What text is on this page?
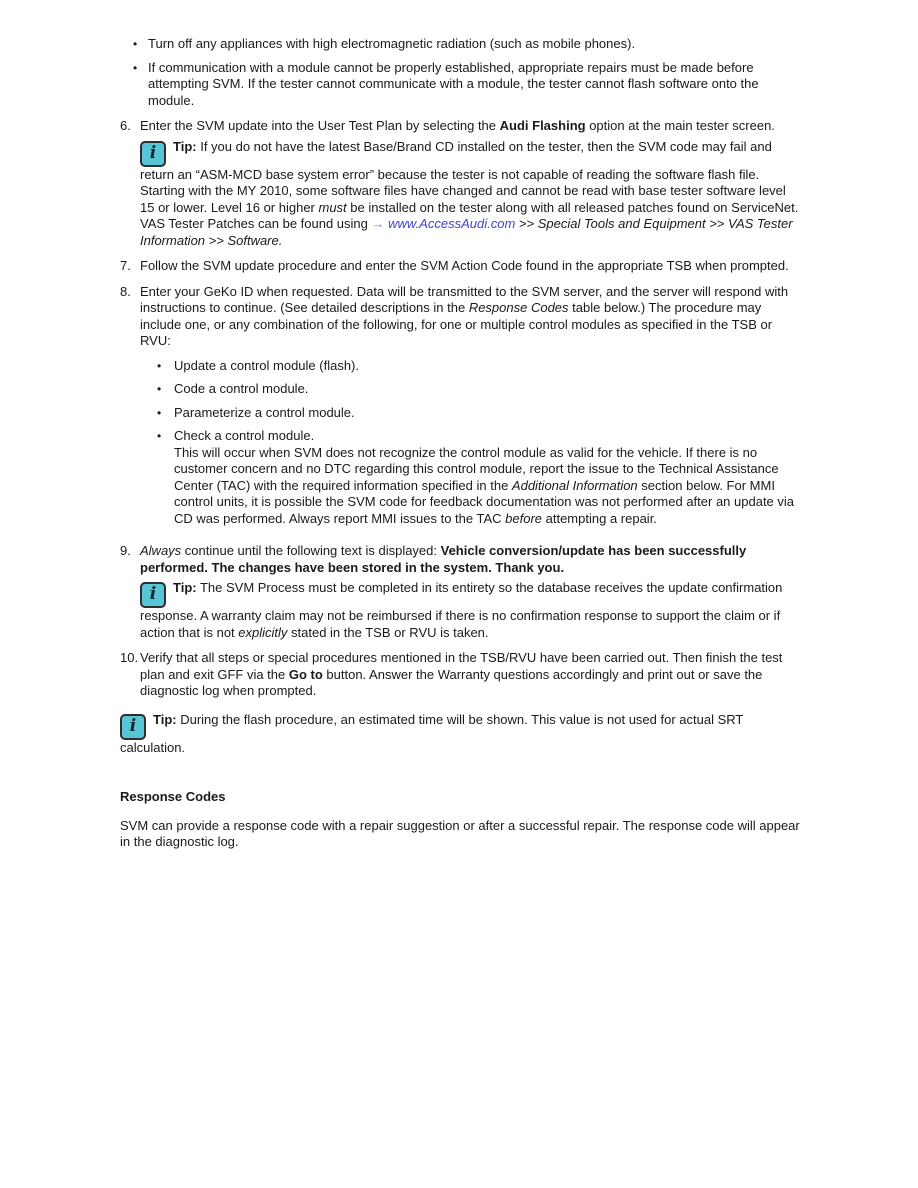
• Turn off any appliances with high electromagnetic radiation (such as mobile phones).
• If communication with a module cannot be properly established, appropriate repairs must be made before attempting SVM. If the tester cannot communicate with a module, the tester cannot flash software onto the module.
6. Enter the SVM update into the User Test Plan by selecting the Audi Flashing option at the main tester screen.
i	Tip: If you do not have the latest Base/Brand CD installed on the tester, then the SVM code may fail and return an “ASM-MCD base system error” because the tester is not capable of reading the software flash file. Starting with the MY 2010, some software files have changed and cannot be read with base tester software level 15 or lower. Level 16 or higher must be installed on the tester along with all released patches found on ServiceNet.
VAS Tester Patches can be found using → www.AccessAudi.com >> Special Tools and Equipment >> VAS Tester Information >> Software.
7. Follow the SVM update procedure and enter the SVM Action Code found in the appropriate TSB when prompted.
8. Enter your GeKo ID when requested. Data will be transmitted to the SVM server, and the server will respond with instructions to continue. (See detailed descriptions in the Response Codes table below.) The procedure may include one, or any combination of the following, for one or multiple control modules as specified in the TSB or RVU:
• Update a control module (flash).
• Code a control module.
• Parameterize a control module.
• Check a control module.
This will occur when SVM does not recognize the control module as valid for the vehicle. If there is no customer concern and no DTC regarding this control module, report the issue to the Technical Assistance Center (TAC) with the required information specified in the Additional Information section below. For MMI control units, it is possible the SVM code for feedback documentation was not performed after an update via CD was performed. Always report MMI issues to the TAC before attempting a repair.
9. Always continue until the following text is displayed: Vehicle conversion/update has been successfully performed. The changes have been stored in the system. Thank you.
i	Tip: The SVM Process must be completed in its entirety so the database receives the update confirmation response. A warranty claim may not be reimbursed if there is no confirmation response to support the claim or if action that is not explicitly stated in the TSB or RVU is taken.
10. Verify that all steps or special procedures mentioned in the TSB/RVU have been carried out. Then finish the test plan and exit GFF via the Go to button. Answer the Warranty questions accordingly and print out or save the diagnostic log when prompted.
i	Tip: During the flash procedure, an estimated time will be shown. This value is not used for actual SRT calculation.
Response Codes
SVM can provide a response code with a repair suggestion or after a successful repair. The response code will appear in the diagnostic log.
